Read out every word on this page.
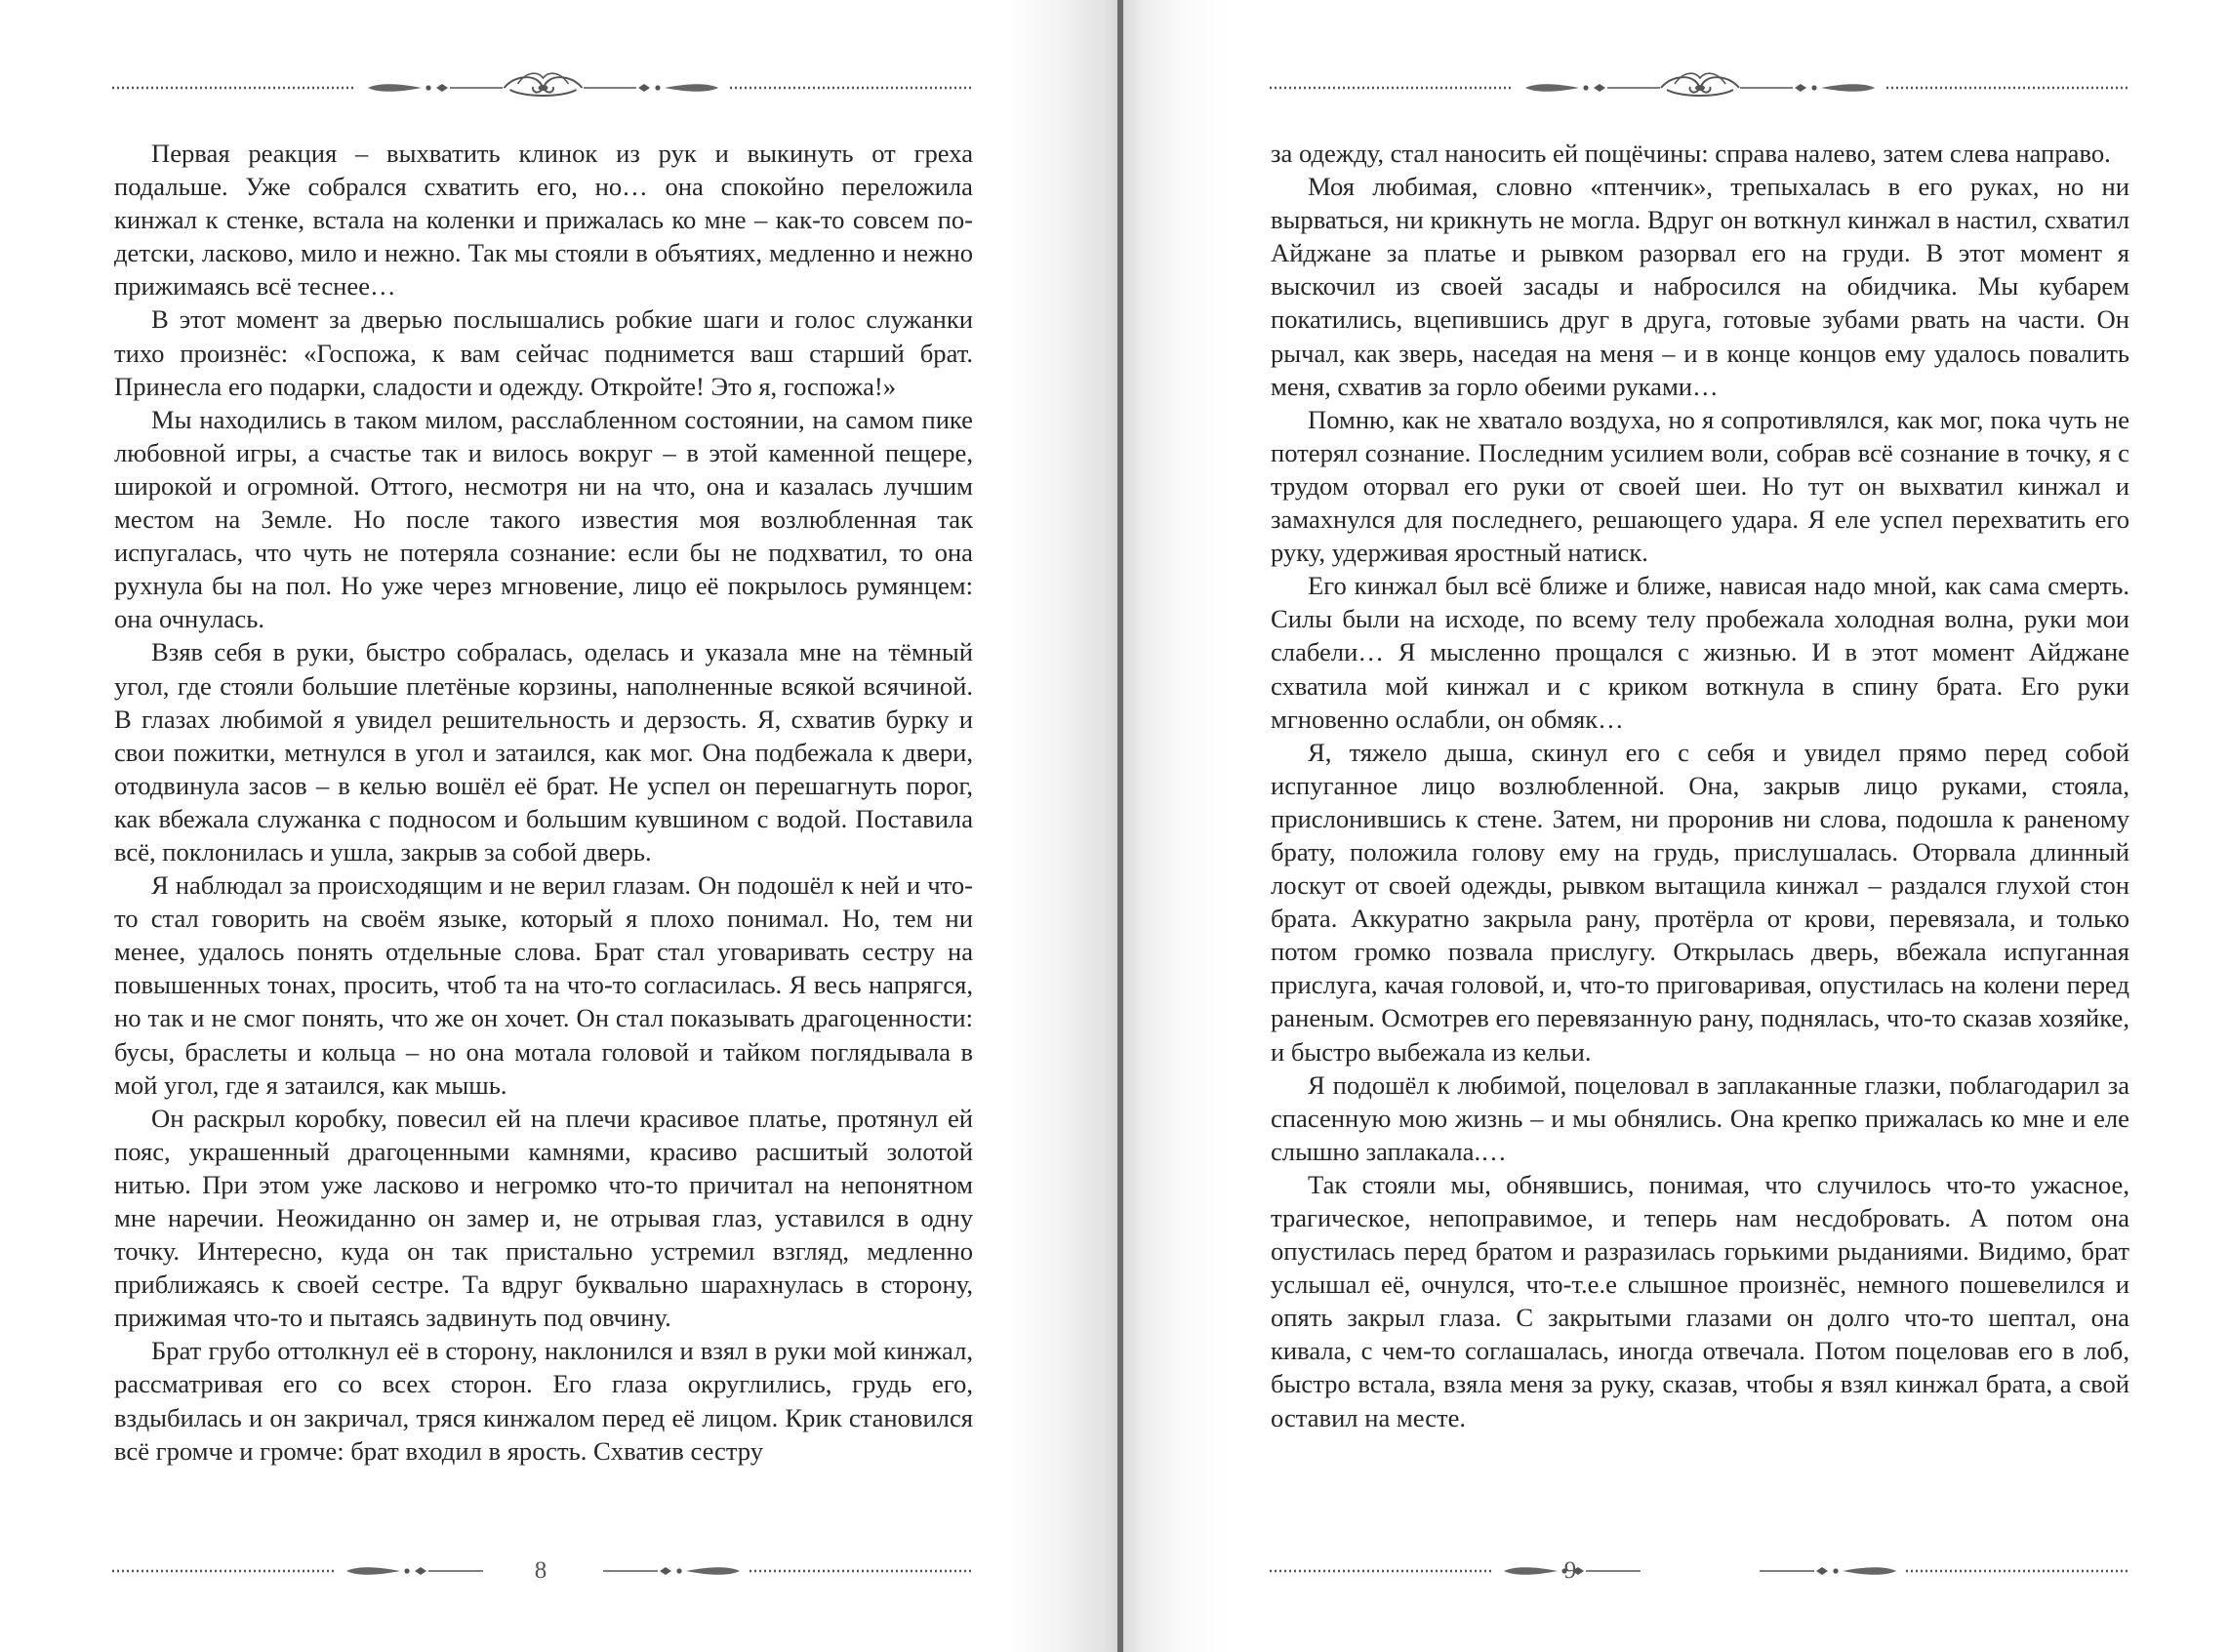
Первая реакция – выхватить клинок из рук и выкинуть от греха подальше. Уже собрался схватить его, но… она спокойно переложила кинжал к стенке, встала на коленки и прижалась ко мне – как-то совсем по-детски, ласково, мило и нежно. Так мы стояли в объятиях, медленно и нежно прижимаясь всё теснее…

В этот момент за дверью послышались робкие шаги и голос служанки тихо произнёс: «Госпожа, к вам сейчас поднимется ваш старший брат. Принесла его подарки, сладости и одежду. Откройте! Это я, госпожа!»

Мы находились в таком милом, расслабленном состоянии, на самом пике любовной игры, а счастье так и вилось вокруг – в этой каменной пещере, широкой и огромной. Оттого, несмотря ни на что, она и казалась лучшим местом на Земле. Но после такого известия моя возлюбленная так испугалась, что чуть не потеряла сознание: если бы не подхватил, то она рухнула бы на пол. Но уже через мгновение, лицо её покрылось румянцем: она очнулась.

Взяв себя в руки, быстро собралась, оделась и указала мне на тёмный угол, где стояли большие плетёные корзины, наполненные всякой всячиной. В глазах любимой я увидел решительность и дерзость. Я, схватив бурку и свои пожитки, метнулся в угол и затаился, как мог. Она подбежала к двери, отодвинула засов – в келью вошёл её брат. Не успел он перешагнуть порог, как вбежала служанка с подносом и большим кувшином с водой. Поставила всё, поклонилась и ушла, закрыв за собой дверь.

Я наблюдал за происходящим и не верил глазам. Он подошёл к ней и что-то стал говорить на своём языке, который я плохо понимал. Но, тем ни менее, удалось понять отдельные слова. Брат стал уговаривать сестру на повышенных тонах, просить, чтоб та на что-то согласилась. Я весь напрягся, но так и не смог понять, что же он хочет. Он стал показывать драгоценности: бусы, браслеты и кольца – но она мотала головой и тайком поглядывала в мой угол, где я затаился, как мышь.

Он раскрыл коробку, повесил ей на плечи красивое платье, протянул ей пояс, украшенный драгоценными камнями, красиво расшитый золотой нитью. При этом уже ласково и негромко что-то причитал на непонятном мне наречии. Неожиданно он замер и, не отрывая глаз, уставился в одну точку. Интересно, куда он так пристально устремил взгляд, медленно приближаясь к своей сестре. Та вдруг буквально шарахнулась в сторону, прижимая что-то и пытаясь задвинуть под овчину.

Брат грубо оттолкнул её в сторону, наклонился и взял в руки мой кинжал, рассматривая его со всех сторон. Его глаза округлились, грудь его, вздыбилась и он закричал, тряся кинжалом перед её лицом. Крик становился всё громче и громче: брат входил в ярость. Схватив сестру

8

за одежду, стал наносить ей пощёчины: справа налево, затем слева направо.

Моя любимая, словно «птенчик», трепыхалась в его руках, но ни вырваться, ни крикнуть не могла. Вдруг он воткнул кинжал в настил, схватил Айджане за платье и рывком разорвал его на груди. В этот момент я выскочил из своей засады и набросился на обидчика. Мы кубарем покатились, вцепившись друг в друга, готовые зубами рвать на части. Он рычал, как зверь, наседая на меня – и в конце концов ему удалось повалить меня, схватив за горло обеими руками…

Помню, как не хватало воздуха, но я сопротивлялся, как мог, пока чуть не потерял сознание. Последним усилием воли, собрав всё сознание в точку, я с трудом оторвал его руки от своей шеи. Но тут он выхватил кинжал и замахнулся для последнего, решающего удара. Я еле успел перехватить его руку, удерживая яростный натиск.

Его кинжал был всё ближе и ближе, нависая надо мной, как сама смерть. Силы были на исходе, по всему телу пробежала холодная волна, руки мои слабели… Я мысленно прощался с жизнью. И в этот момент Айджане схватила мой кинжал и с криком воткнула в спину брата. Его руки мгновенно ослабли, он обмяк…

Я, тяжело дыша, скинул его с себя и увидел прямо перед собой испуганное лицо возлюбленной. Она, закрыв лицо руками, стояла, прислонившись к стене. Затем, ни проронив ни слова, подошла к раненому брату, положила голову ему на грудь, прислушалась. Оторвала длинный лоскут от своей одежды, рывком вытащила кинжал – раздался глухой стон брата. Аккуратно закрыла рану, протёрла от крови, перевязала, и только потом громко позвала прислугу. Открылась дверь, вбежала испуганная прислуга, качая головой, и, что-то приговаривая, опустилась на колени перед раненым. Осмотрев его перевязанную рану, поднялась, что-то сказав хозяйке, и быстро выбежала из кельи.

Я подошёл к любимой, поцеловал в заплаканные глазки, поблагодарил за спасенную мою жизнь – и мы обнялись. Она крепко прижалась ко мне и еле слышно заплакала.…

Так стояли мы, обнявшись, понимая, что случилось что-то ужасное, трагическое, непоправимое, и теперь нам несдобровать. А потом она опустилась перед братом и разразилась горькими рыданиями. Видимо, брат услышал её, очнулся, что-т.е.е слышное произнёс, немного пошевелился и опять закрыл глаза. С закрытыми глазами он долго что-то шептал, она кивала, с чем-то соглашалась, иногда отвечала. Потом поцеловав его в лоб, быстро встала, взяла меня за руку, сказав, чтобы я взял кинжал брата, а свой оставил на месте.

9
